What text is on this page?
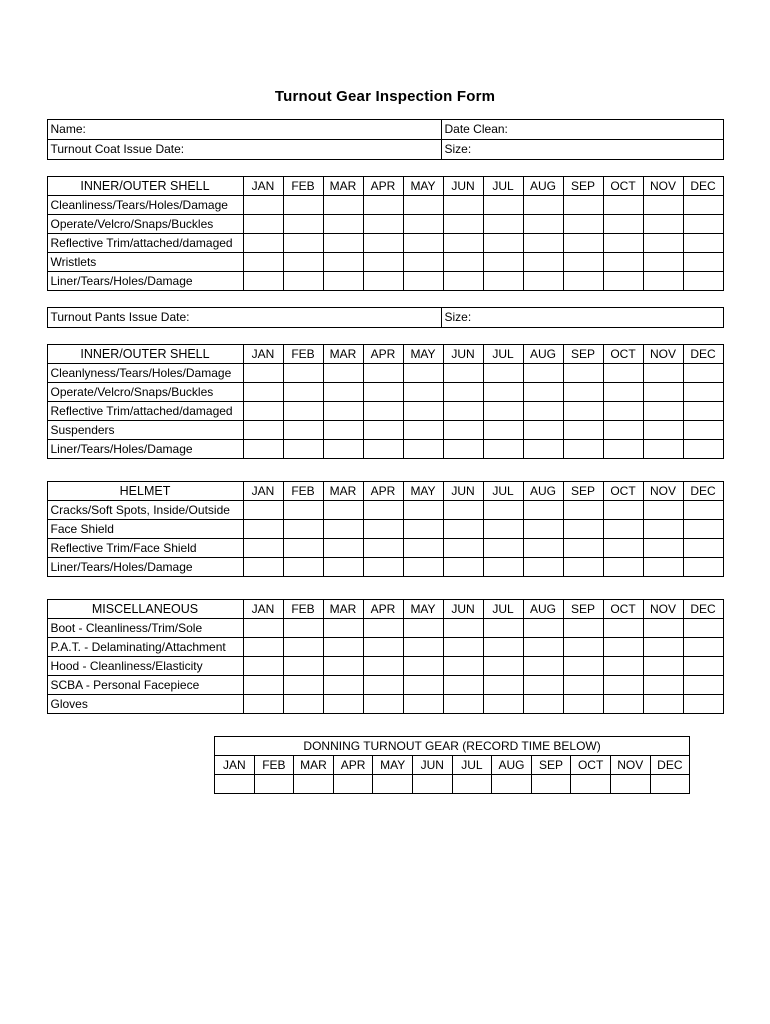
Turnout Gear Inspection Form
Name:	Date Clean:
Turnout Coat Issue Date:	Size:
INNER/OUTER SHELL	JAN	FEB	MAR	APR	MAY	JUN	JUL	AUG	SEP	OCT	NOV	DEC
Cleanliness/Tears/Holes/Damage												
Operate/Velcro/Snaps/Buckles												
Reflective Trim/attached/damaged												
Wristlets												
Liner/Tears/Holes/Damage												
Turnout Pants Issue Date:	Size:
INNER/OUTER SHELL	JAN	FEB	MAR	APR	MAY	JUN	JUL	AUG	SEP	OCT	NOV	DEC
Cleanlyness/Tears/Holes/Damage												
Operate/Velcro/Snaps/Buckles												
Reflective Trim/attached/damaged												
Suspenders												
Liner/Tears/Holes/Damage												
HELMET	JAN	FEB	MAR	APR	MAY	JUN	JUL	AUG	SEP	OCT	NOV	DEC
Cracks/Soft Spots, Inside/Outside												
Face Shield												
Reflective Trim/Face Shield												
Liner/Tears/Holes/Damage												
MISCELLANEOUS	JAN	FEB	MAR	APR	MAY	JUN	JUL	AUG	SEP	OCT	NOV	DEC
Boot - Cleanliness/Trim/Sole												
P.A.T. - Delaminating/Attachment												
Hood - Cleanliness/Elasticity												
SCBA - Personal Facepiece												
Gloves												
DONNING TURNOUT GEAR (RECORD TIME BELOW)											
JAN	FEB	MAR	APR	MAY	JUN	JUL	AUG	SEP	OCT	NOV	DEC
